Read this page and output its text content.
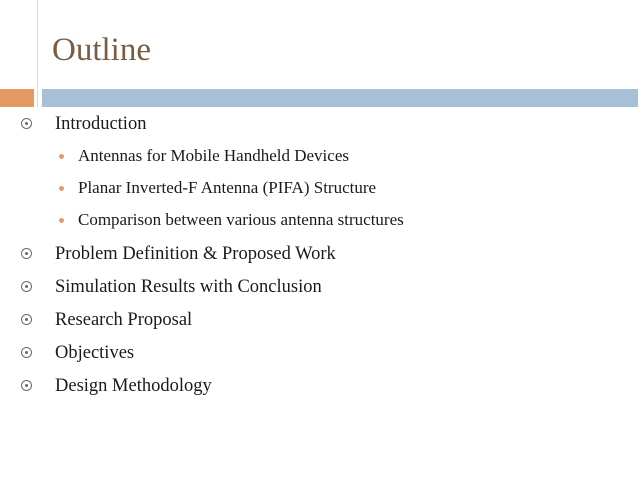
Outline
Introduction
Antennas for Mobile Handheld Devices
Planar Inverted-F Antenna (PIFA) Structure
Comparison between various antenna structures
Problem Definition & Proposed Work
Simulation Results with Conclusion
Research Proposal
Objectives
Design Methodology
